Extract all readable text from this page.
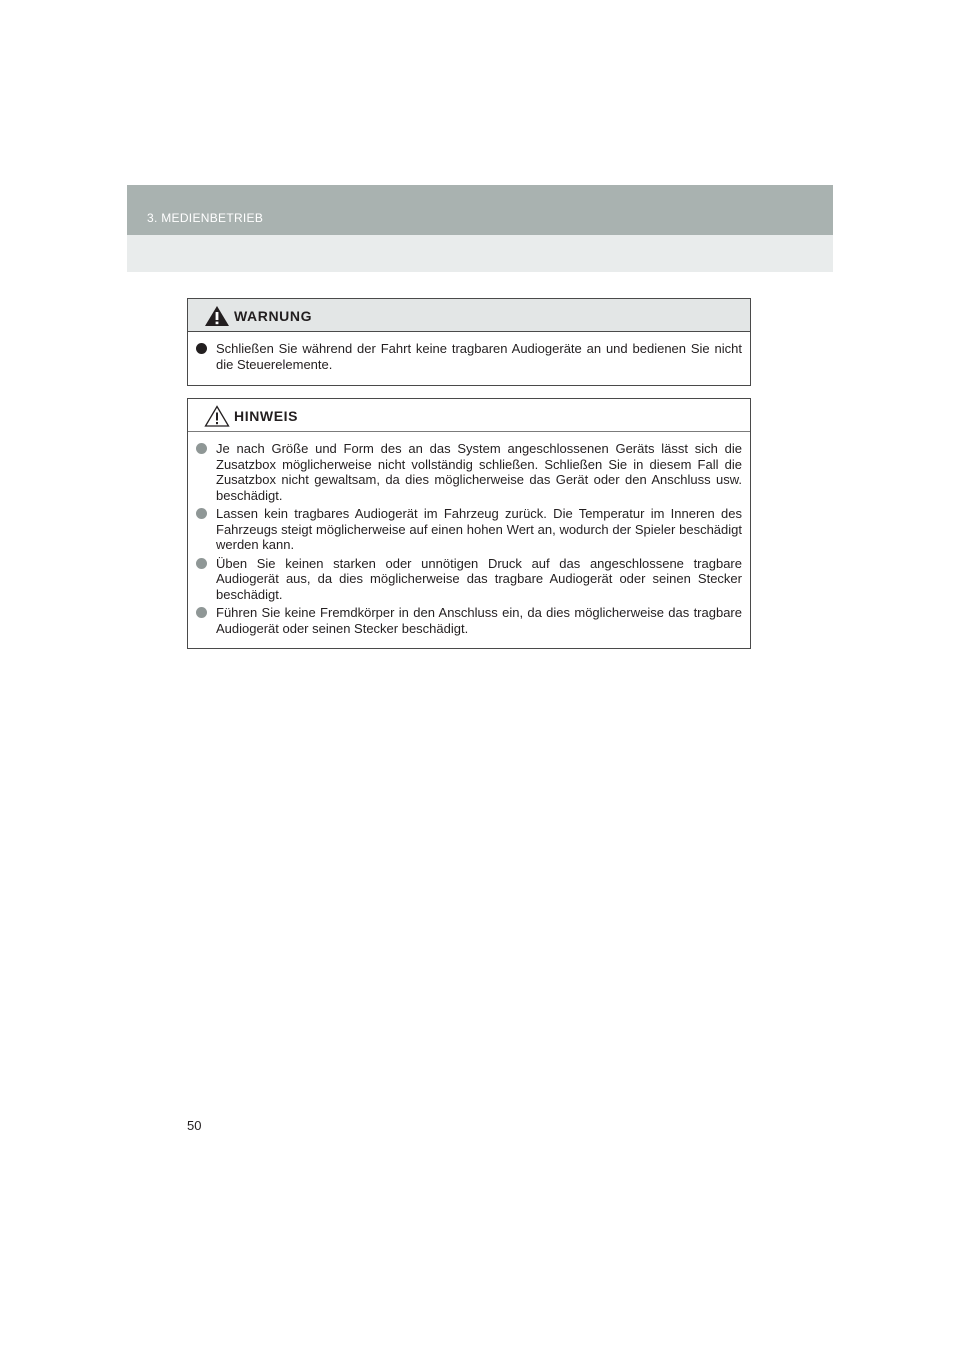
3. MEDIENBETRIEB
WARNUNG
Schließen Sie während der Fahrt keine tragbaren Audiogeräte an und bedienen Sie nicht die Steuerelemente.
HINWEIS
Je nach Größe und Form des an das System angeschlossenen Geräts lässt sich die Zusatzbox möglicherweise nicht vollständig schließen. Schließen Sie in diesem Fall die Zusatzbox nicht gewaltsam, da dies möglicherweise das Gerät oder den Anschluss usw. beschädigt.
Lassen kein tragbares Audiogerät im Fahrzeug zurück. Die Temperatur im Inneren des Fahrzeugs steigt möglicherweise auf einen hohen Wert an, wodurch der Spieler beschädigt werden kann.
Üben Sie keinen starken oder unnötigen Druck auf das angeschlossene tragbare Audiogerät aus, da dies möglicherweise das tragbare Audiogerät oder seinen Stecker beschädigt.
Führen Sie keine Fremdkörper in den Anschluss ein, da dies möglicherweise das tragbare Audiogerät oder seinen Stecker beschädigt.
50
